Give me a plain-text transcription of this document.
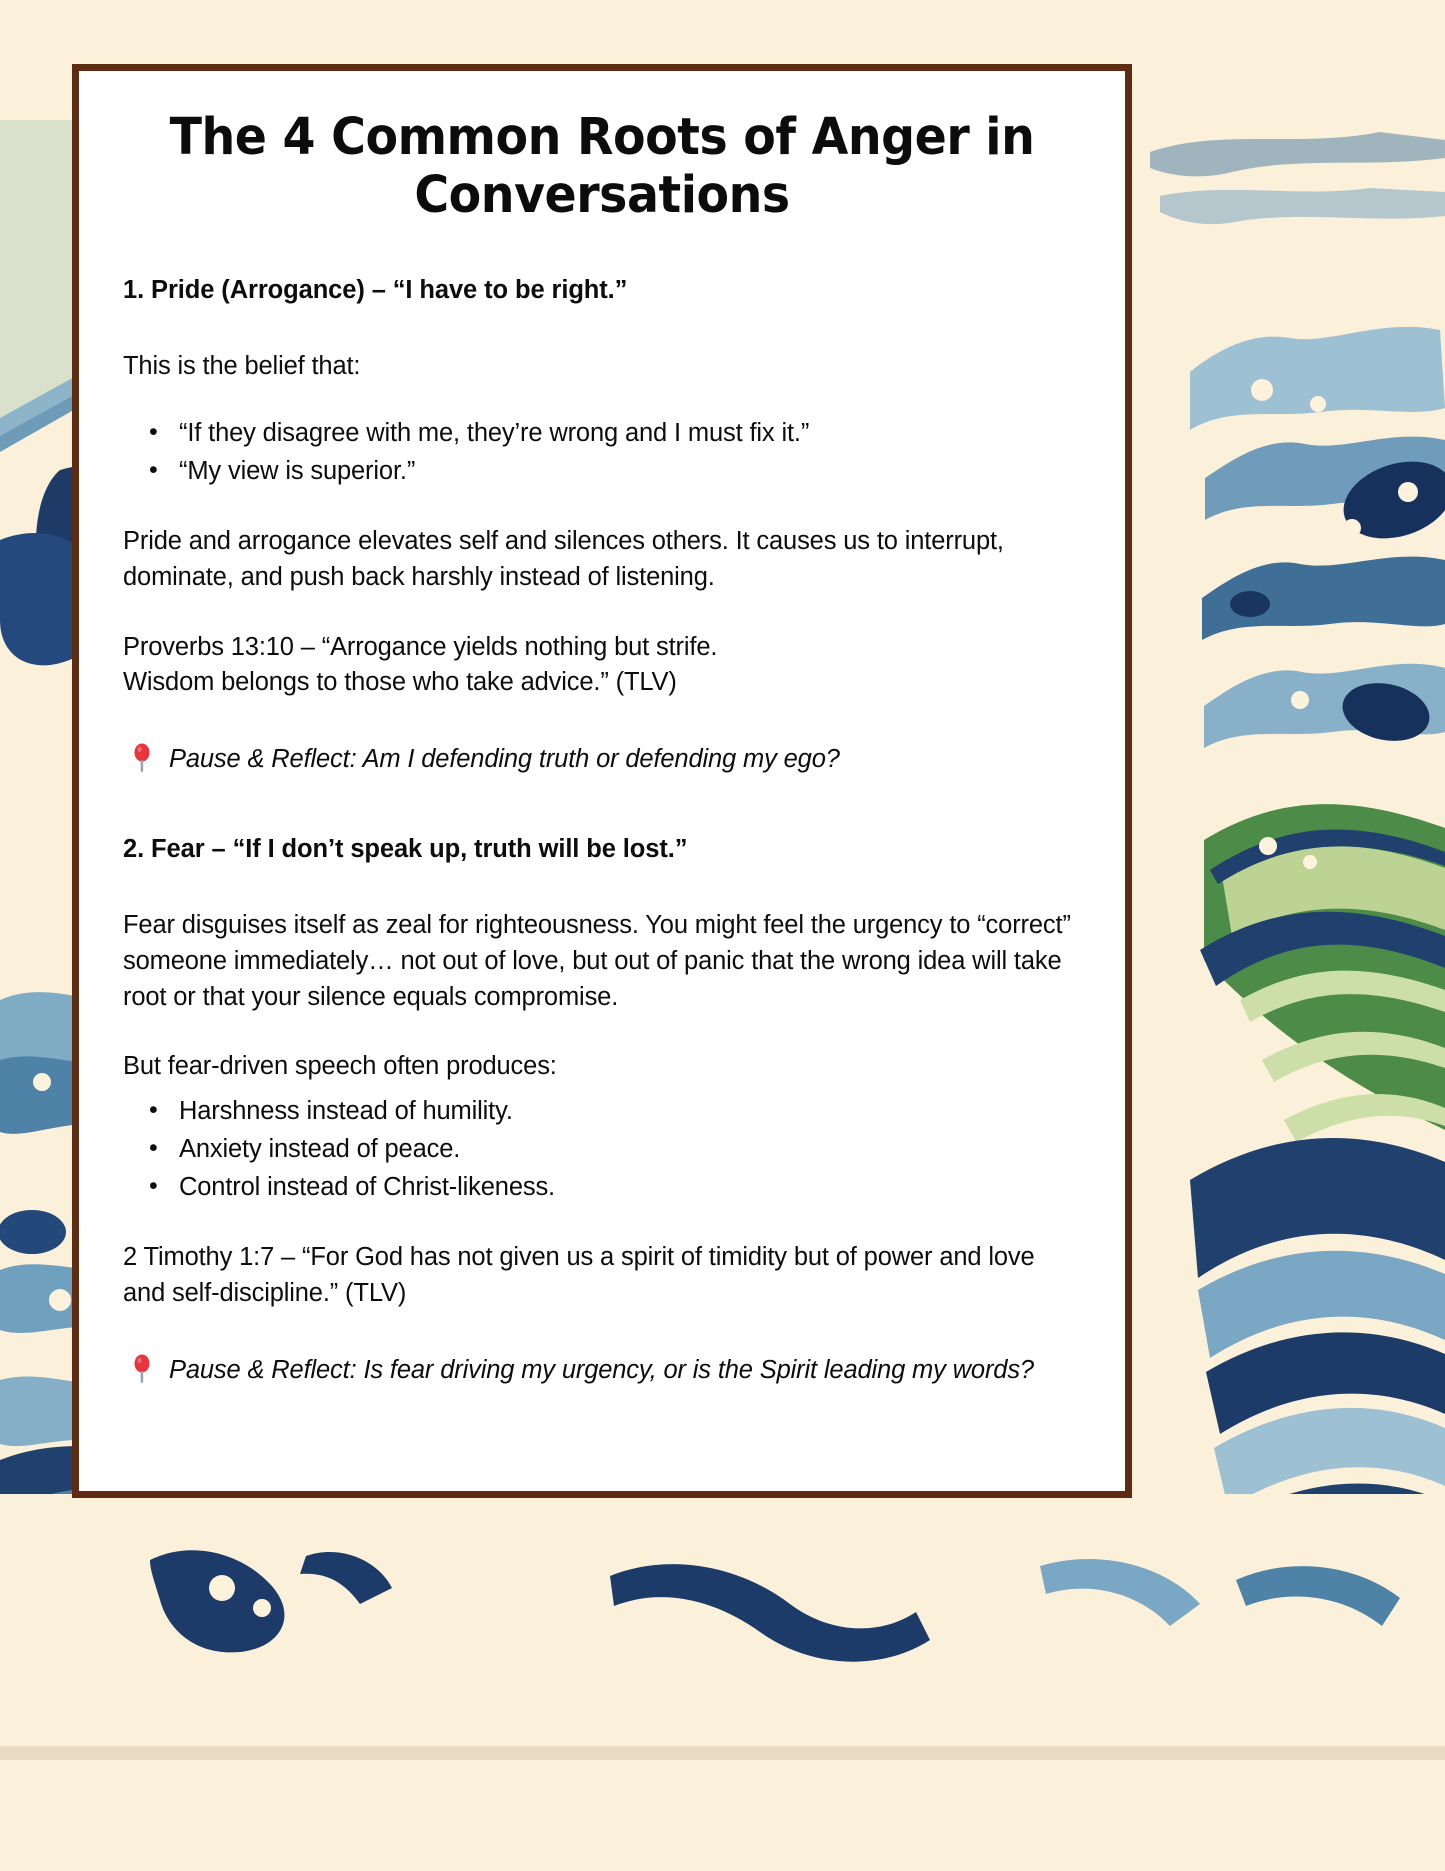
The 4 Common Roots of Anger in Conversations

1. Pride (Arrogance) – “I have to be right.”

This is the belief that:

• “If they disagree with me, they’re wrong and I must fix it.”
• “My view is superior.”

Pride and arrogance elevates self and silences others. It causes us to interrupt, dominate, and push back harshly instead of listening.

Proverbs 13:10 – “Arrogance yields nothing but strife.
Wisdom belongs to those who take advice.” (TLV)

Pause & Reflect: Am I defending truth or defending my ego?

2. Fear – “If I don’t speak up, truth will be lost.”

Fear disguises itself as zeal for righteousness. You might feel the urgency to “correct” someone immediately… not out of love, but out of panic that the wrong idea will take root or that your silence equals compromise.

But fear-driven speech often produces:

• Harshness instead of humility.
• Anxiety instead of peace.
• Control instead of Christ-likeness.

2 Timothy 1:7 – “For God has not given us a spirit of timidity but of power and love and self-discipline.” (TLV)

Pause & Reflect: Is fear driving my urgency, or is the Spirit leading my words?
